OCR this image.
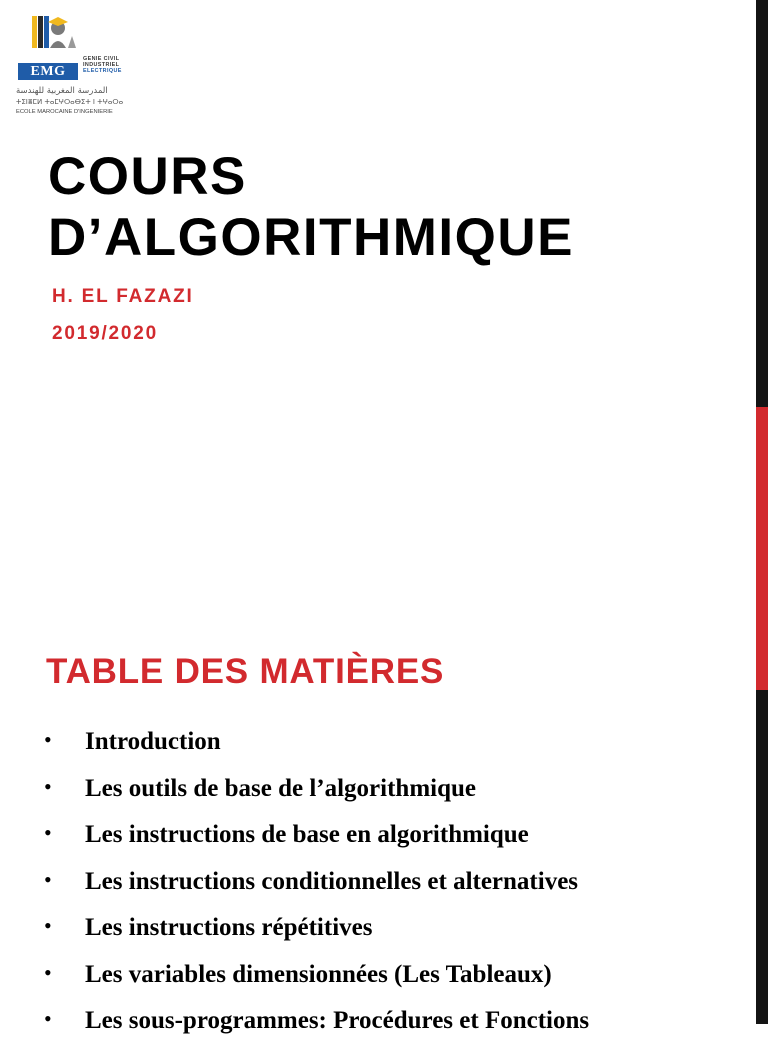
EMG
GENIE CIVIL
INDUSTRIEL
ELECTRIQUE
المدرسة المغربية للهندسة
ⵜⵉⵏⴻⵎⵍ ⵜⴰⵎⵖⵔⴰⴱⵉⵜ ⵏ ⵜⵖⴰⵔⴰ
ECOLE MAROCAINE D'INGENIERIE
COURS
D’ALGORITHMIQUE

H. EL FAZAZI

2019/2020

TABLE DES MATIÈRES
• Introduction
• Les outils de base de l’algorithmique
• Les instructions de base en algorithmique
• Les instructions conditionnelles et alternatives
• Les instructions répétitives
• Les variables dimensionnées (Les Tableaux)
• Les sous-programmes: Procédures et Fonctions
